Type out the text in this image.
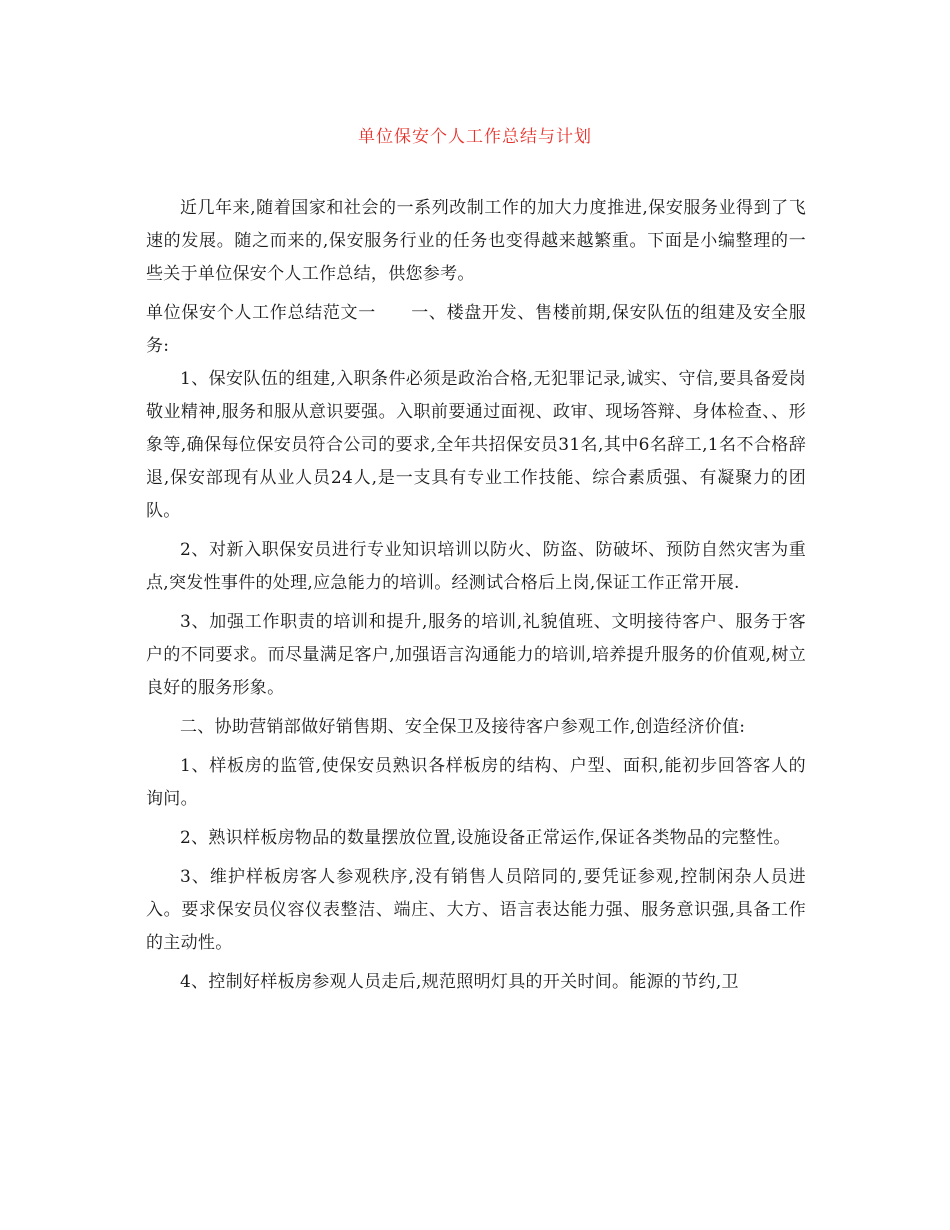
单位保安个人工作总结与计划

近几年来,随着国家和社会的一系列改制工作的加大力度推进,保安服务业得到了飞速的发展。随之而来的,保安服务行业的任务也变得越来越繁重。下面是小编整理的一些关于单位保安个人工作总结，供您参考。

单位保安个人工作总结范文一　　一、楼盘开发、售楼前期,保安队伍的组建及安全服务:

1、保安队伍的组建,入职条件必须是政治合格,无犯罪记录,诚实、守信,要具备爱岗敬业精神,服务和服从意识要强。入职前要通过面视、政审、现场答辩、身体检查、、形象等,确保每位保安员符合公司的要求,全年共招保安员31名,其中6名辞工,1名不合格辞退,保安部现有从业人员24人,是一支具有专业工作技能、综合素质强、有凝聚力的团队。

2、对新入职保安员进行专业知识培训以防火、防盗、防破坏、预防自然灾害为重点,突发性事件的处理,应急能力的培训。经测试合格后上岗,保证工作正常开展.

3、加强工作职责的培训和提升,服务的培训,礼貌值班、文明接待客户、服务于客户的不同要求。而尽量满足客户,加强语言沟通能力的培训,培养提升服务的价值观,树立良好的服务形象。

二、协助营销部做好销售期、安全保卫及接待客户参观工作,创造经济价值:

1、样板房的监管,使保安员熟识各样板房的结构、户型、面积,能初步回答客人的询问。

2、熟识样板房物品的数量摆放位置,设施设备正常运作,保证各类物品的完整性。

3、维护样板房客人参观秩序,没有销售人员陪同的,要凭证参观,控制闲杂人员进入。要求保安员仪容仪表整洁、端庄、大方、语言表达能力强、服务意识强,具备工作的主动性。

4、控制好样板房参观人员走后,规范照明灯具的开关时间。能源的节约,卫
